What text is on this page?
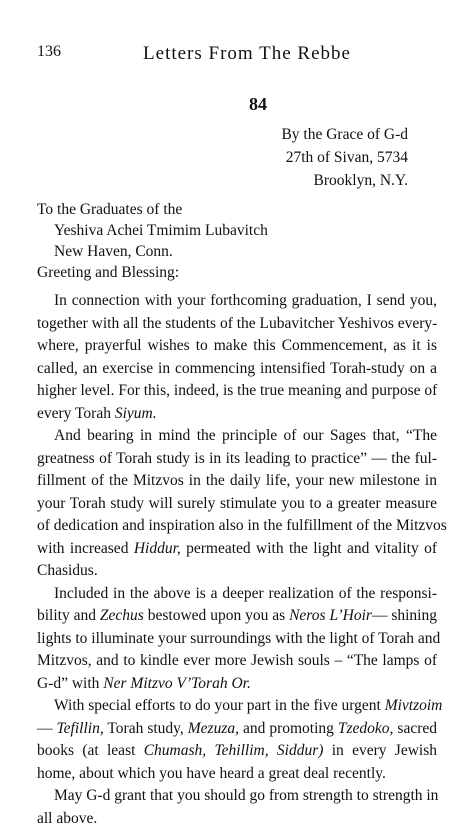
136	Letters From The Rebbe
84
By the Grace of G-d
27th of Sivan, 5734
Brooklyn, N.Y.
To the Graduates of the
Yeshiva Achei Tmimim Lubavitch
New Haven, Conn.
Greeting and Blessing:
In connection with your forthcoming graduation, I send you,
together with all the students of the Lubavitcher Yeshivos every-
where, prayerful wishes to make this Commencement, as it is
called, an exercise in commencing intensified Torah-study on a
higher level. For this, indeed, is the true meaning and purpose of
every Torah Siyum.
And bearing in mind the principle of our Sages that, “The
greatness of Torah study is in its leading to practice” — the ful-
fillment of the Mitzvos in the daily life, your new milestone in
your Torah study will surely stimulate you to a greater measure
of dedication and inspiration also in the fulfillment of the Mitzvos
with increased Hiddur, permeated with the light and vitality of
Chasidus.
Included in the above is a deeper realization of the responsi-
bility and Zechus bestowed upon you as Neros L’Hoir— shining
lights to illuminate your surroundings with the light of Torah and
Mitzvos, and to kindle ever more Jewish souls – “The lamps of
G-d” with Ner Mitzvo V’Torah Or.
With special efforts to do your part in the five urgent Mivtzoim
— Tefillin, Torah study, Mezuza, and promoting Tzedoko, sacred
books (at least Chumash, Tehillim, Siddur) in every Jewish
home, about which you have heard a great deal recently.
May G-d grant that you should go from strength to strength in
all above.
